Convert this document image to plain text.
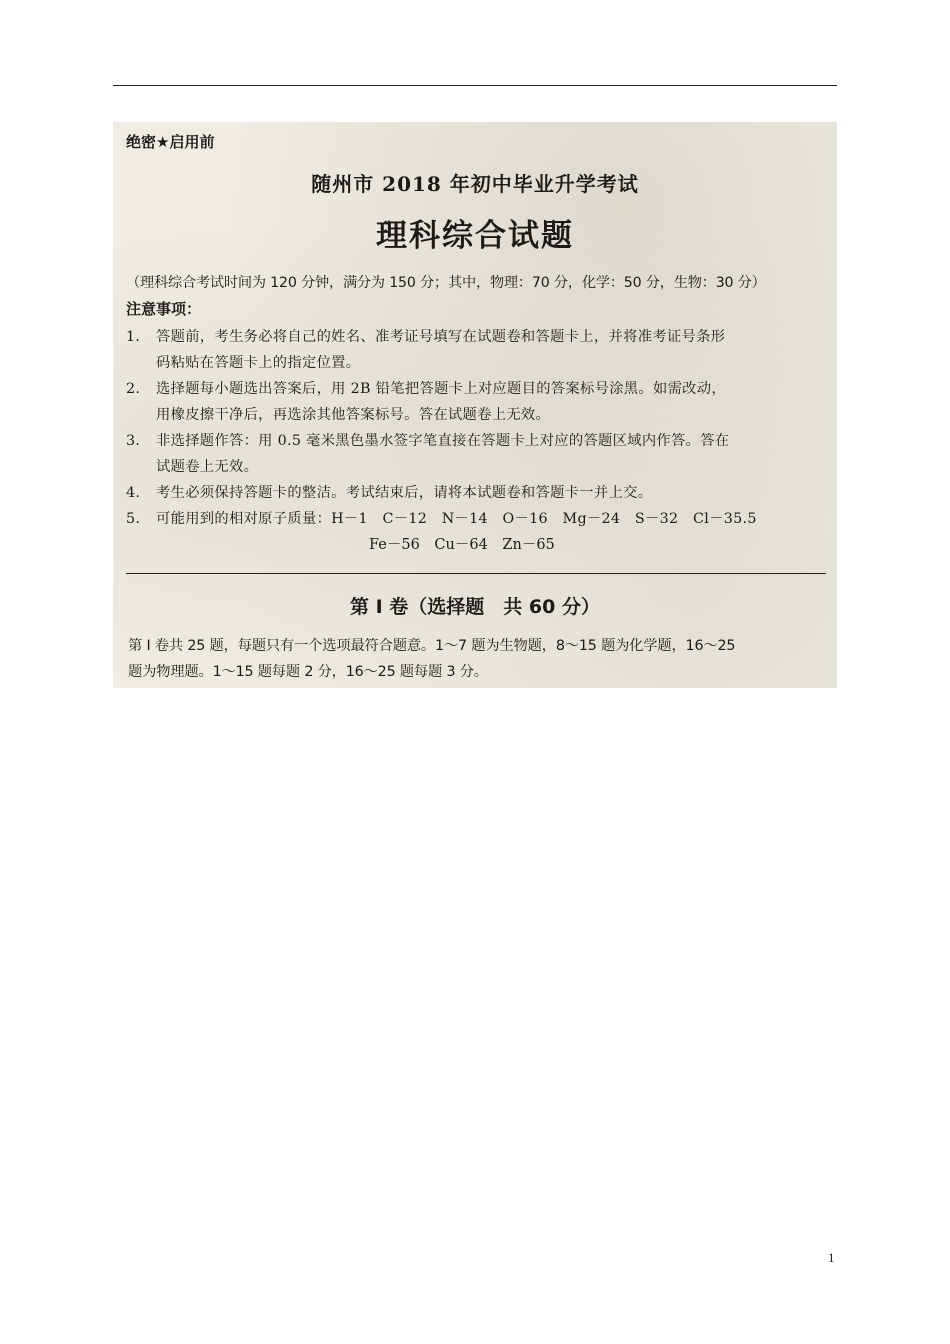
绝密★启用前
随州市 2018 年初中毕业升学考试
理科综合试题
（理科综合考试时间为 120 分钟，满分为 150 分；其中，物理：70 分，化学：50 分，生物：30 分）
注意事项：
1. 答题前，考生务必将自己的姓名、准考证号填写在试题卷和答题卡上，并将准考证号条形
码粘贴在答题卡上的指定位置。
2. 选择题每小题选出答案后，用 2B 铅笔把答题卡上对应题目的答案标号涂黑。如需改动，
用橡皮擦干净后，再选涂其他答案标号。答在试题卷上无效。
3. 非选择题作答：用 0.5 毫米黑色墨水签字笔直接在答题卡上对应的答题区域内作答。答在
试题卷上无效。
4. 考生必须保持答题卡的整洁。考试结束后，请将本试题卷和答题卡一并上交。
5. 可能用到的相对原子质量：H－1　C－12　N－14　O－16　Mg－24　S－32　Cl－35.5
Fe－56 Cu－64 Zn－65
第 I 卷（选择题　共 60 分）
第 I 卷共 25 题，每题只有一个选项最符合题意。1～7 题为生物题，8～15 题为化学题，16～25
题为物理题。1～15 题每题 2 分，16～25 题每题 3 分。
1
